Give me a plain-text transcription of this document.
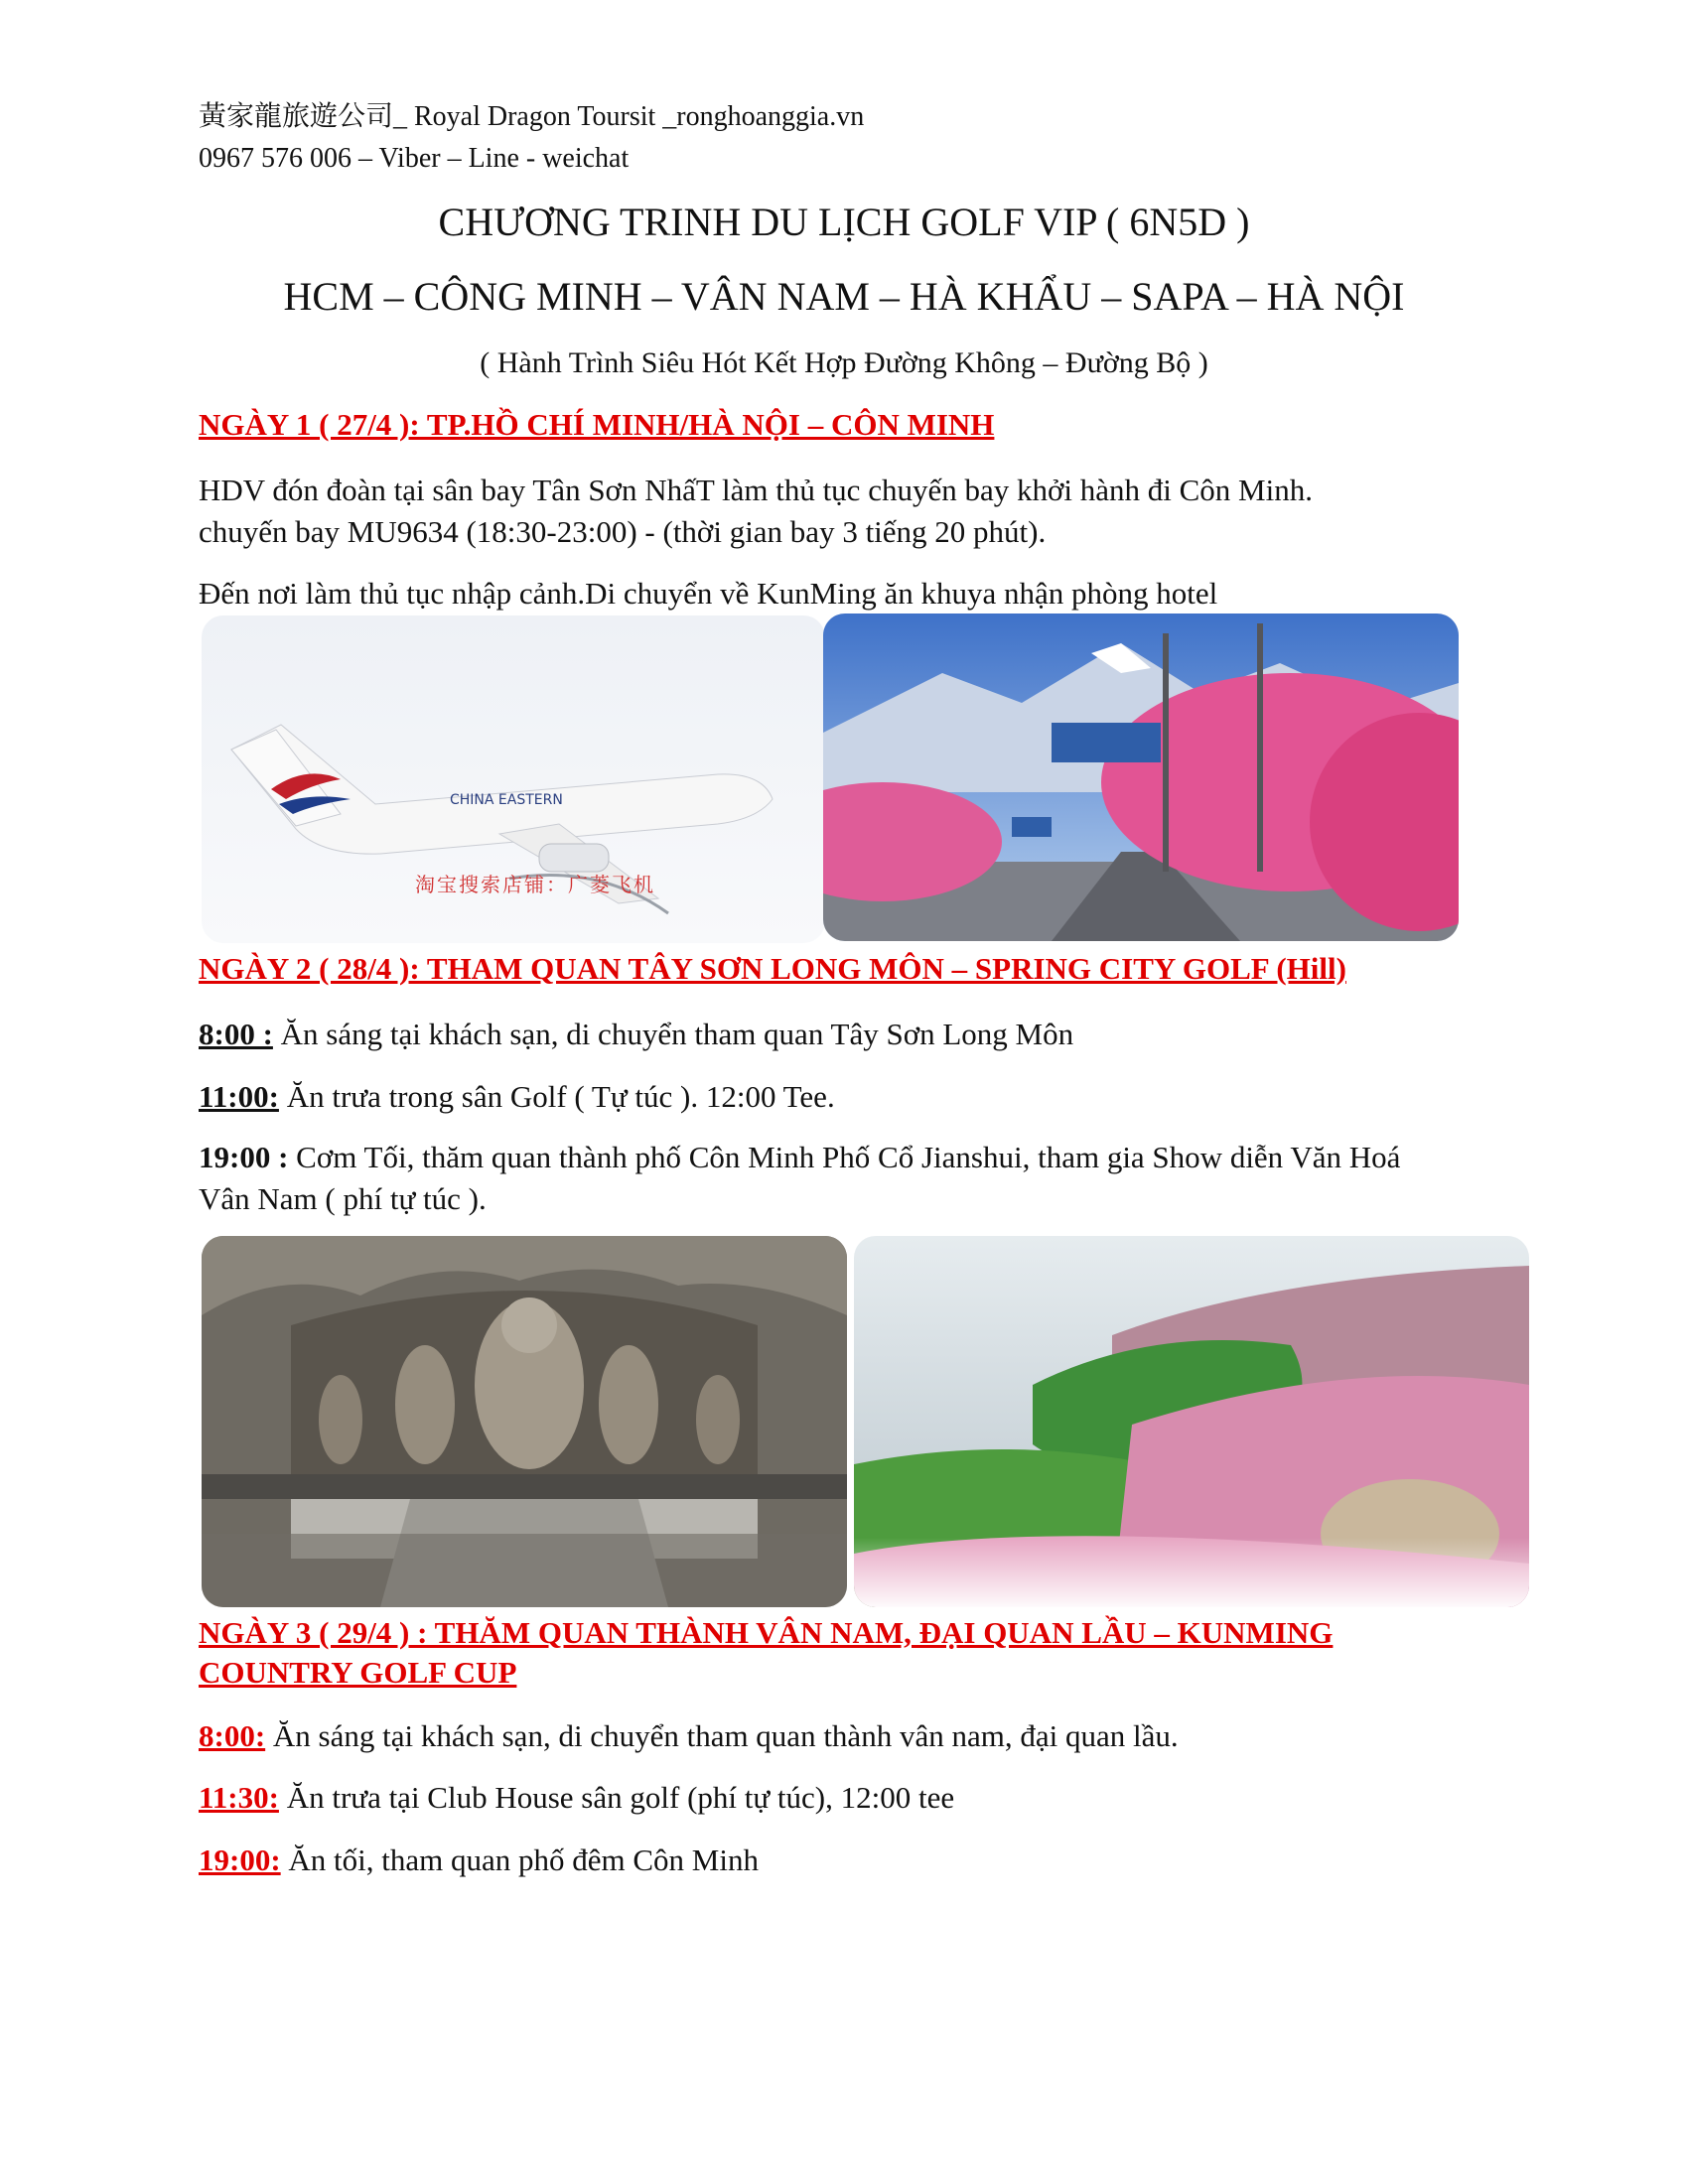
黃家龍旅遊公司_ Royal Dragon Toursit _ronghoanggia.vn
0967 576 006 – Viber – Line - weichat
CHƯƠNG TRINH DU LỊCH GOLF VIP ( 6N5D )
HCM – CÔNG MINH – VÂN NAM – HÀ KHẨU – SAPA – HÀ NỘI
( Hành Trình Siêu Hót Kết Hợp Đường Không – Đường Bộ )
NGÀY 1 ( 27/4 ): TP.HỒ CHÍ MINH/HÀ NỘI – CÔN MINH
HDV đón đoàn tại sân bay Tân Sơn NhấT làm thủ tục chuyến bay khởi hành đi Côn Minh.
chuyến bay MU9634 (18:30-23:00) - (thời gian bay 3 tiếng 20 phút).
Đến nơi làm thủ tục nhập cảnh.Di chuyển về KunMing ăn khuya nhận phòng hotel
CHINA EASTERN
淘宝搜索店铺：广菱飞机
NGÀY 2 ( 28/4 ): THAM QUAN TÂY SƠN LONG MÔN – SPRING CITY GOLF (Hill)
8:00 : Ăn sáng tại khách sạn, di chuyển tham quan Tây Sơn Long Môn
11:00: Ăn trưa trong sân Golf ( Tự túc ). 12:00 Tee.
19:00 : Cơm Tối, thăm quan thành phố Côn Minh Phố Cổ Jianshui, tham gia Show diễn Văn Hoá Vân Nam ( phí tự túc ).
NGÀY 3 ( 29/4 ) : THĂM QUAN THÀNH VÂN NAM, ĐẠI QUAN LẦU – KUNMING COUNTRY GOLF CUP
8:00: Ăn sáng tại khách sạn, di chuyển tham quan thành vân nam, đại quan lầu.
11:30: Ăn trưa tại Club House sân golf (phí tự túc), 12:00 tee
19:00: Ăn tối, tham quan phố đêm Côn Minh
